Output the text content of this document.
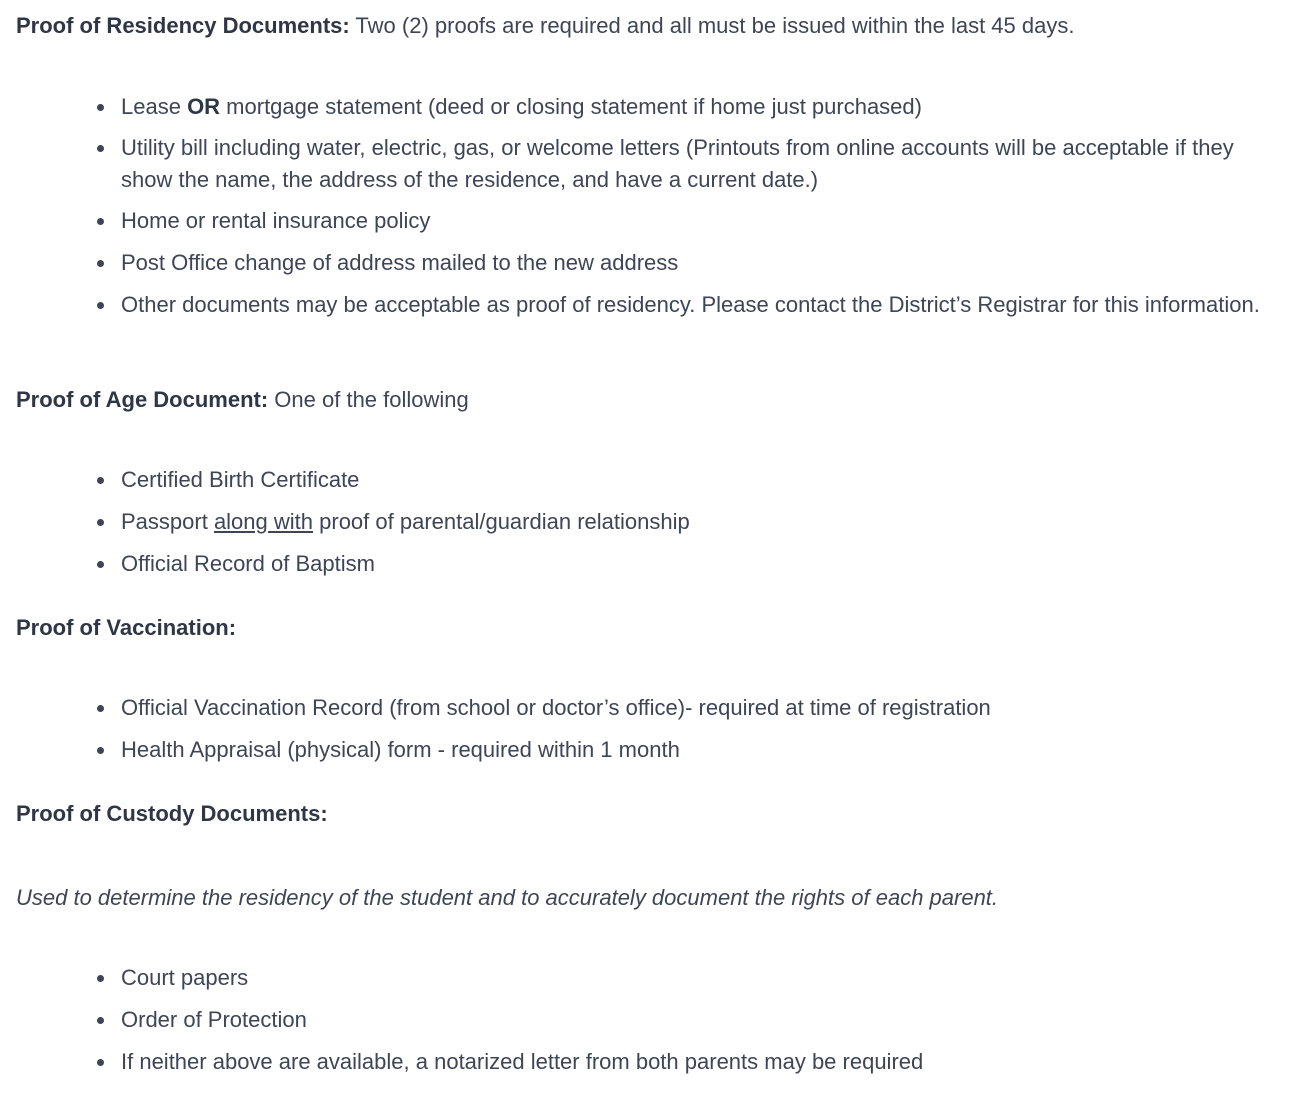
Proof of Residency Documents: Two (2) proofs are required and all must be issued within the last 45 days.

Lease OR mortgage statement (deed or closing statement if home just purchased)
Utility bill including water, electric, gas, or welcome letters (Printouts from online accounts will be acceptable if they show the name, the address of the residence, and have a current date.)
Home or rental insurance policy
Post Office change of address mailed to the new address
Other documents may be acceptable as proof of residency. Please contact the District’s Registrar for this information.

Proof of Age Document: One of the following

Certified Birth Certificate
Passport along with proof of parental/guardian relationship
Official Record of Baptism

Proof of Vaccination:

Official Vaccination Record (from school or doctor’s office)- required at time of registration
Health Appraisal (physical) form - required within 1 month

Proof of Custody Documents:

Used to determine the residency of the student and to accurately document the rights of each parent.

Court papers
Order of Protection
If neither above are available, a notarized letter from both parents may be required
